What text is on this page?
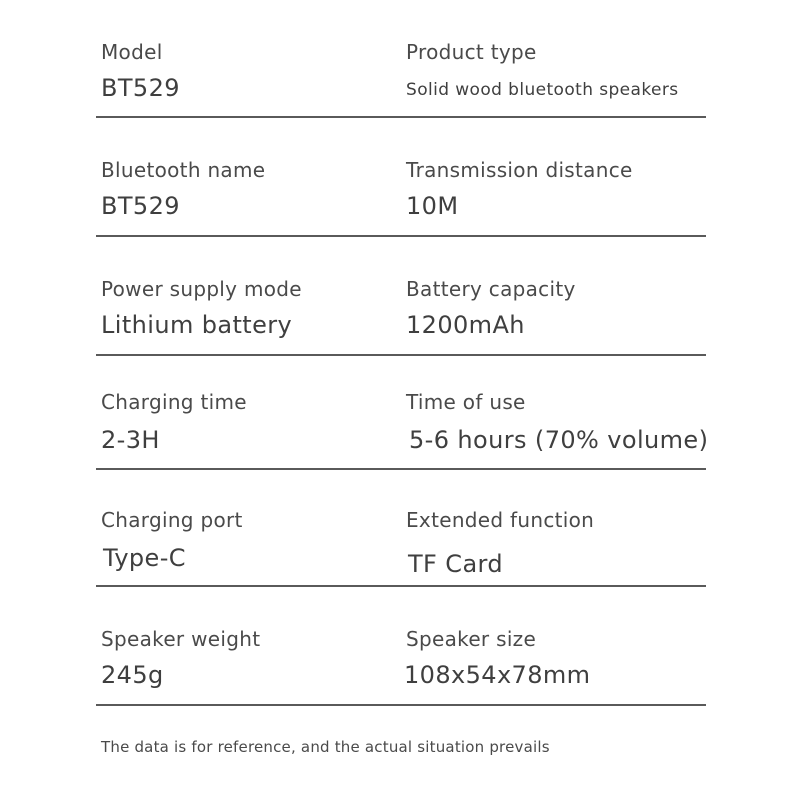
Model
BT529
Product type
Solid wood bluetooth speakers
Bluetooth name
BT529
Transmission distance
10M
Power supply mode
Lithium battery
Battery capacity
1200mAh
Charging time
2-3H
Time of use
5-6 hours (70% volume)
Charging port
Type-C
Extended function
TF Card
Speaker weight
245g
Speaker size
108x54x78mm
The data is for reference, and the actual situation prevails
